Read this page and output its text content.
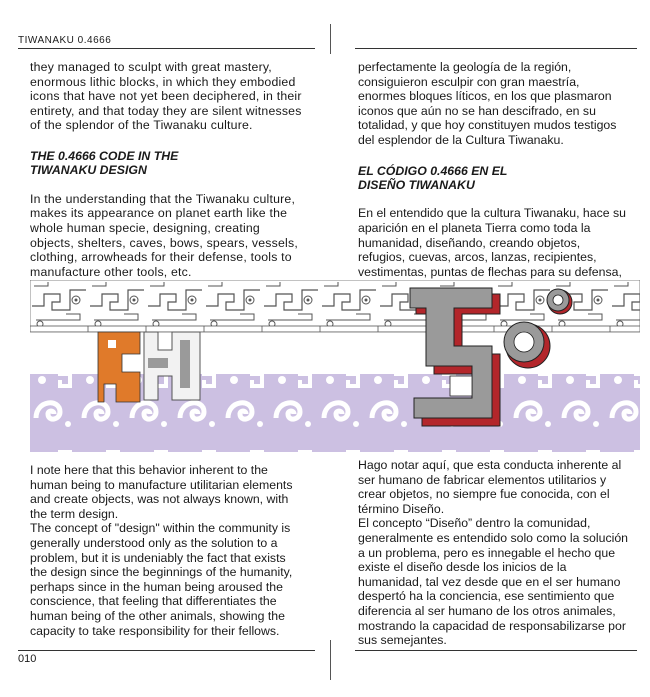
TIWANAKU 0.4666

they managed to sculpt with great mastery, enormous lithic blocks, in which they embodied icons that have not yet been deciphered, in their entirety, and that today they are silent witnesses of the splendor of the Tiwanaku culture.

THE 0.4666 CODE IN THE
TIWANAKU DESIGN

In the understanding that the Tiwanaku culture, makes its appearance on planet earth like the whole human specie, designing, creating objects, shelters, caves, bows, spears, vessels, clothing, arrowheads for their defense, tools to manufacture other tools, etc.

perfectamente la geología de la región, consiguieron esculpir con gran maestría, enormes bloques líticos, en los que plasmaron iconos que aún no se han descifrado, en su totalidad, y que hoy constituyen mudos testigos del esplendor de la Cultura Tiwanaku.

EL CÓDIGO 0.4666 EN EL
DISEÑO TIWANAKU

En el entendido que la cultura Tiwanaku, hace su aparición en el planeta Tierra como toda la humanidad, diseñando, creando objetos, refugios, cuevas, arcos, lanzas, recipientes, vestimentas, puntas de flechas para su defensa,

I note here that this behavior inherent to the human being to manufacture utilitarian elements and create objects, was not always known, with the term design.

The concept of "design" within the community is generally understood only as the solution to a problem, but it is undeniably the fact that exists the design since the beginnings of the humanity, perhaps since in the human being aroused the conscience, that feeling that differentiates the human being of the other animals, showing the capacity to take responsibility for their fellows.

Hago notar aquí, que esta conducta inherente al ser humano de fabricar elementos utilitarios y crear objetos, no siempre fue conocida, con el término Diseño.

El concepto “Diseño” dentro la comunidad, generalmente es entendido solo como la solución a un problema, pero es innegable el hecho que existe el diseño desde los inicios de la humanidad, tal vez desde que en el ser humano despertó ha la conciencia, ese sentimiento que diferencia al ser humano de los otros animales, mostrando la capacidad de responsabilizarse por sus semejantes.

010
